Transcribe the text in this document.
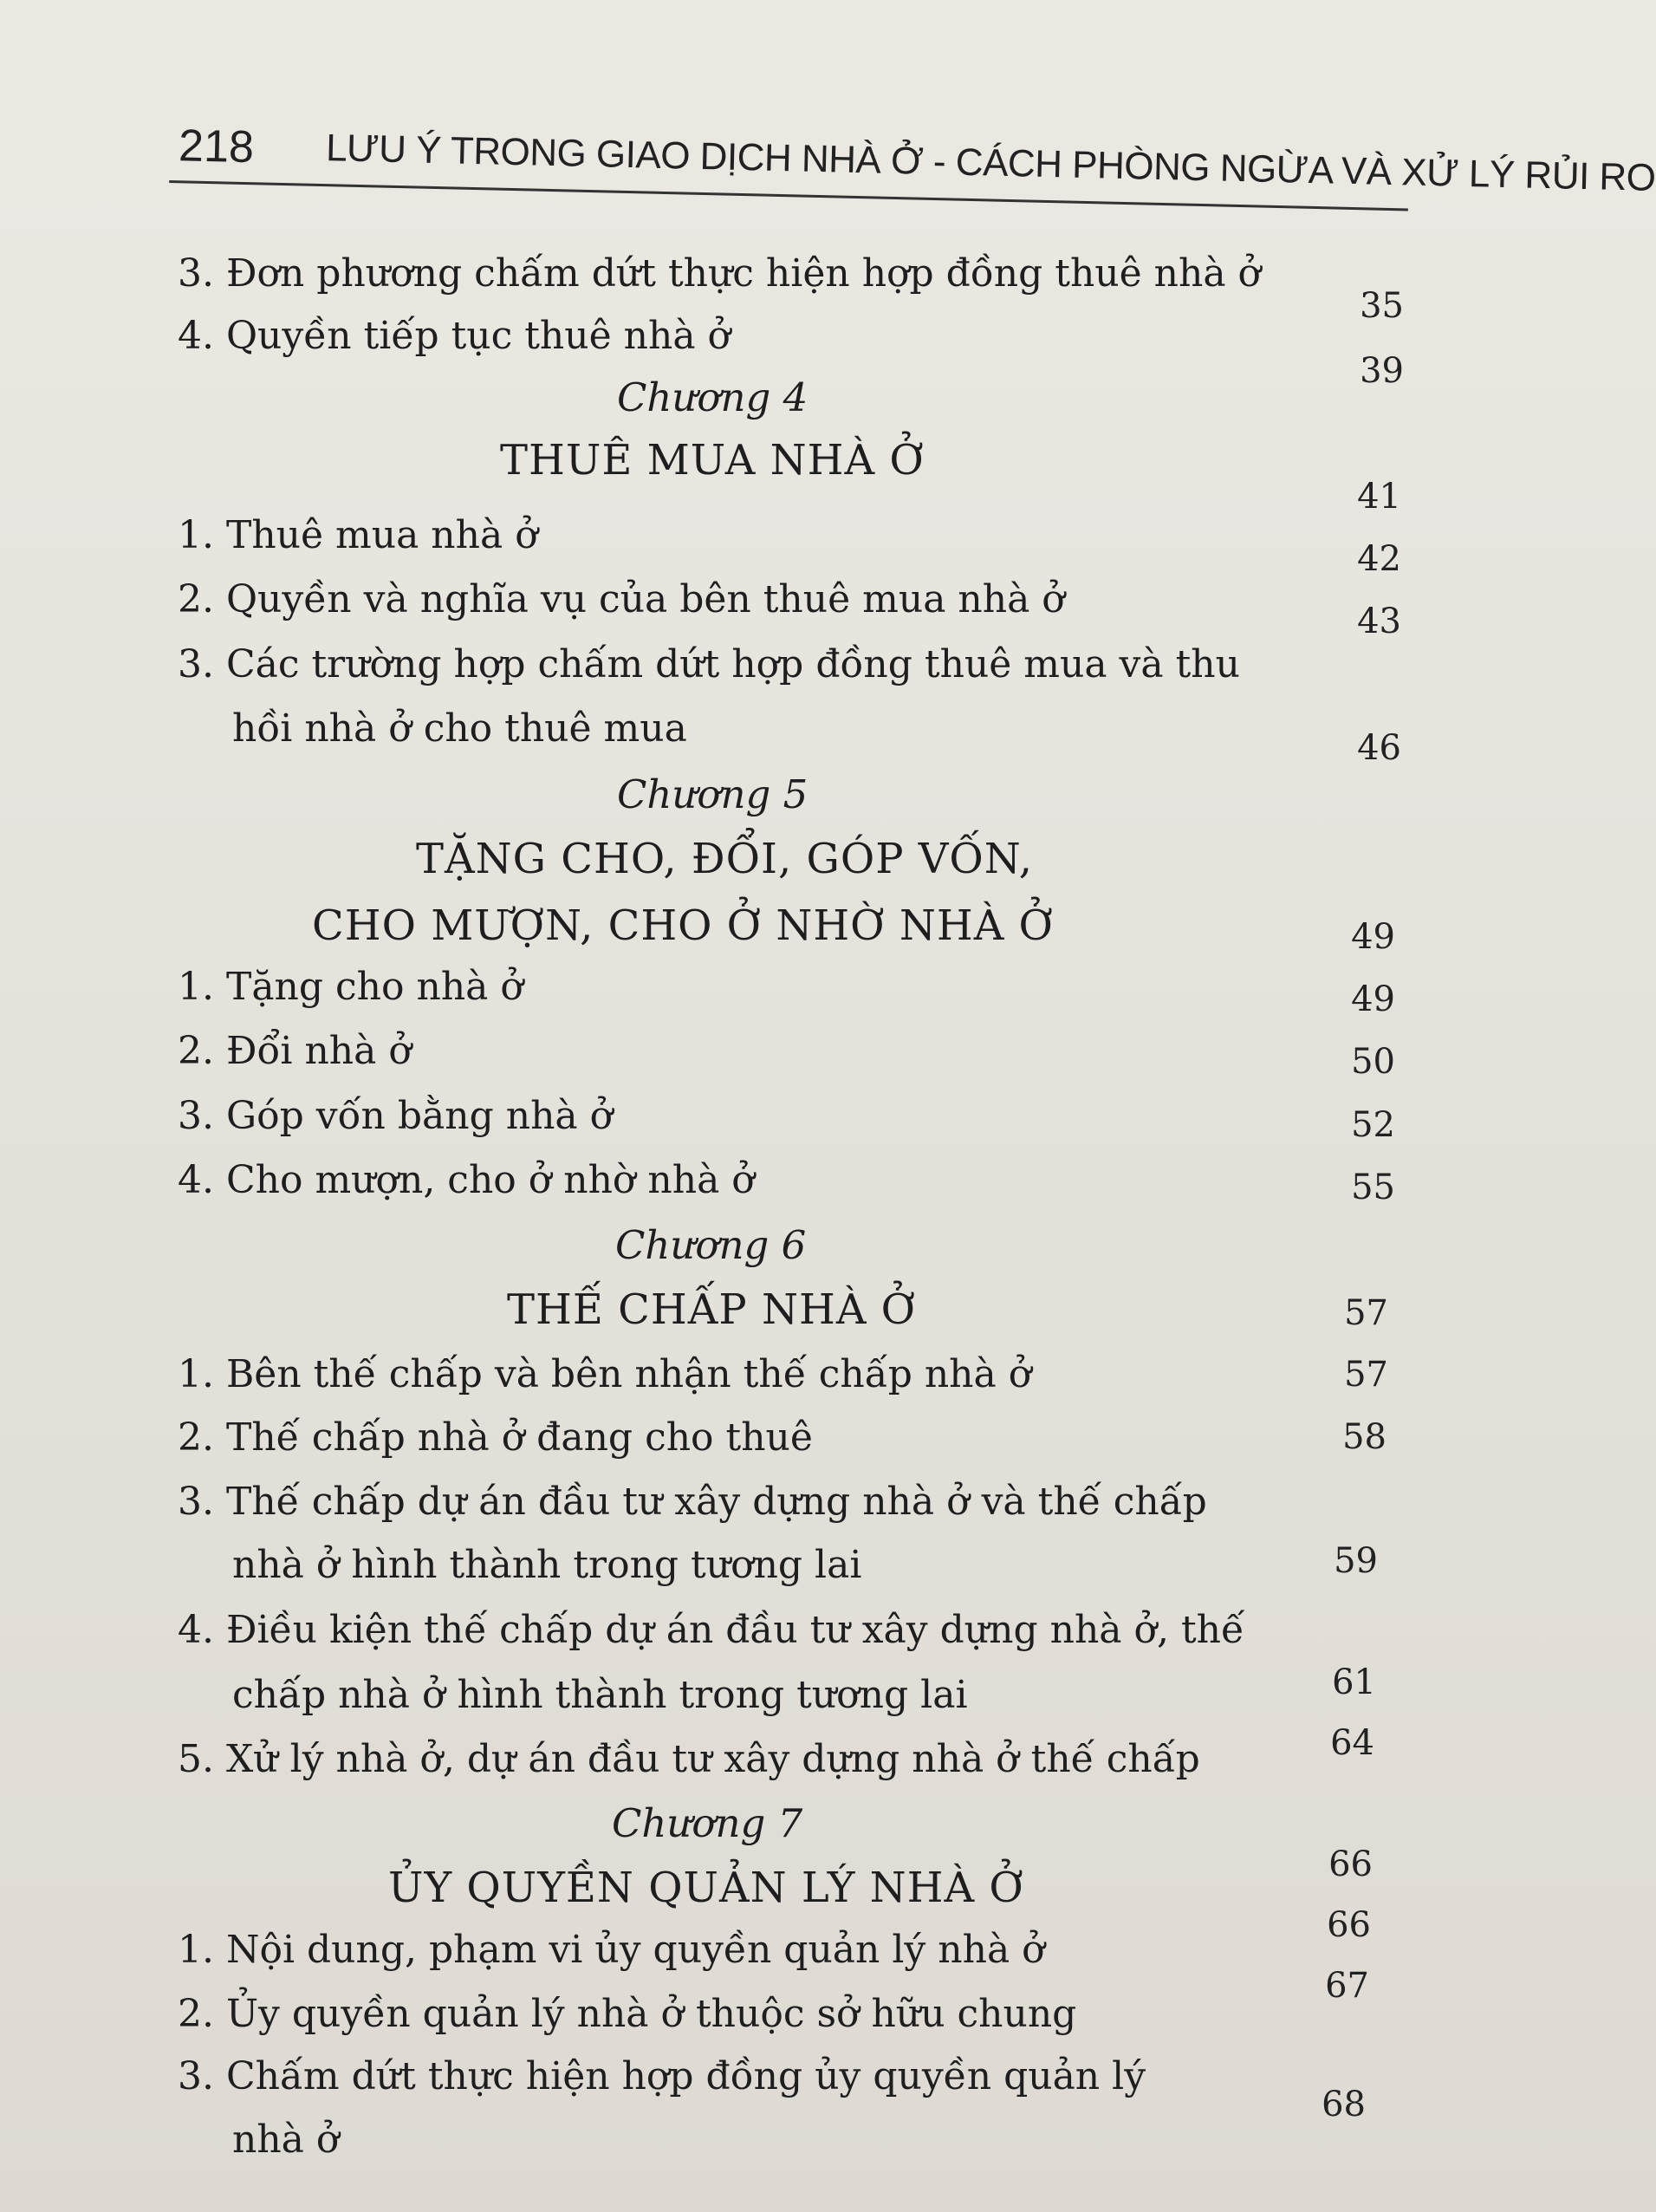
218 LƯU Ý TRONG GIAO DỊCH NHÀ Ở - CÁCH PHÒNG NGỪA VÀ XỬ LÝ RỦI RO
3. Đơn phương chấm dứt thực hiện hợp đồng thuê nhà ở
4. Quyền tiếp tục thuê nhà ở
Chương 4
THUÊ MUA NHÀ Ở
1. Thuê mua nhà ở
2. Quyền và nghĩa vụ của bên thuê mua nhà ở
3. Các trường hợp chấm dứt hợp đồng thuê mua và thu
hồi nhà ở cho thuê mua
Chương 5
TẶNG CHO, ĐỔI, GÓP VỐN,
CHO MƯỢN, CHO Ở NHỜ NHÀ Ở
1. Tặng cho nhà ở
2. Đổi nhà ở
3. Góp vốn bằng nhà ở
4. Cho mượn, cho ở nhờ nhà ở
Chương 6
THẾ CHẤP NHÀ Ở
1. Bên thế chấp và bên nhận thế chấp nhà ở
2. Thế chấp nhà ở đang cho thuê
3. Thế chấp dự án đầu tư xây dựng nhà ở và thế chấp
nhà ở hình thành trong tương lai
4. Điều kiện thế chấp dự án đầu tư xây dựng nhà ở, thế
chấp nhà ở hình thành trong tương lai
5. Xử lý nhà ở, dự án đầu tư xây dựng nhà ở thế chấp
Chương 7
ỦY QUYỀN QUẢN LÝ NHÀ Ở
1. Nội dung, phạm vi ủy quyền quản lý nhà ở
2. Ủy quyền quản lý nhà ở thuộc sở hữu chung
3. Chấm dứt thực hiện hợp đồng ủy quyền quản lý
nhà ở
35
39
41
42
43
46
49
49
50
52
55
57
57
58
59
61
64
66
66
67
68
